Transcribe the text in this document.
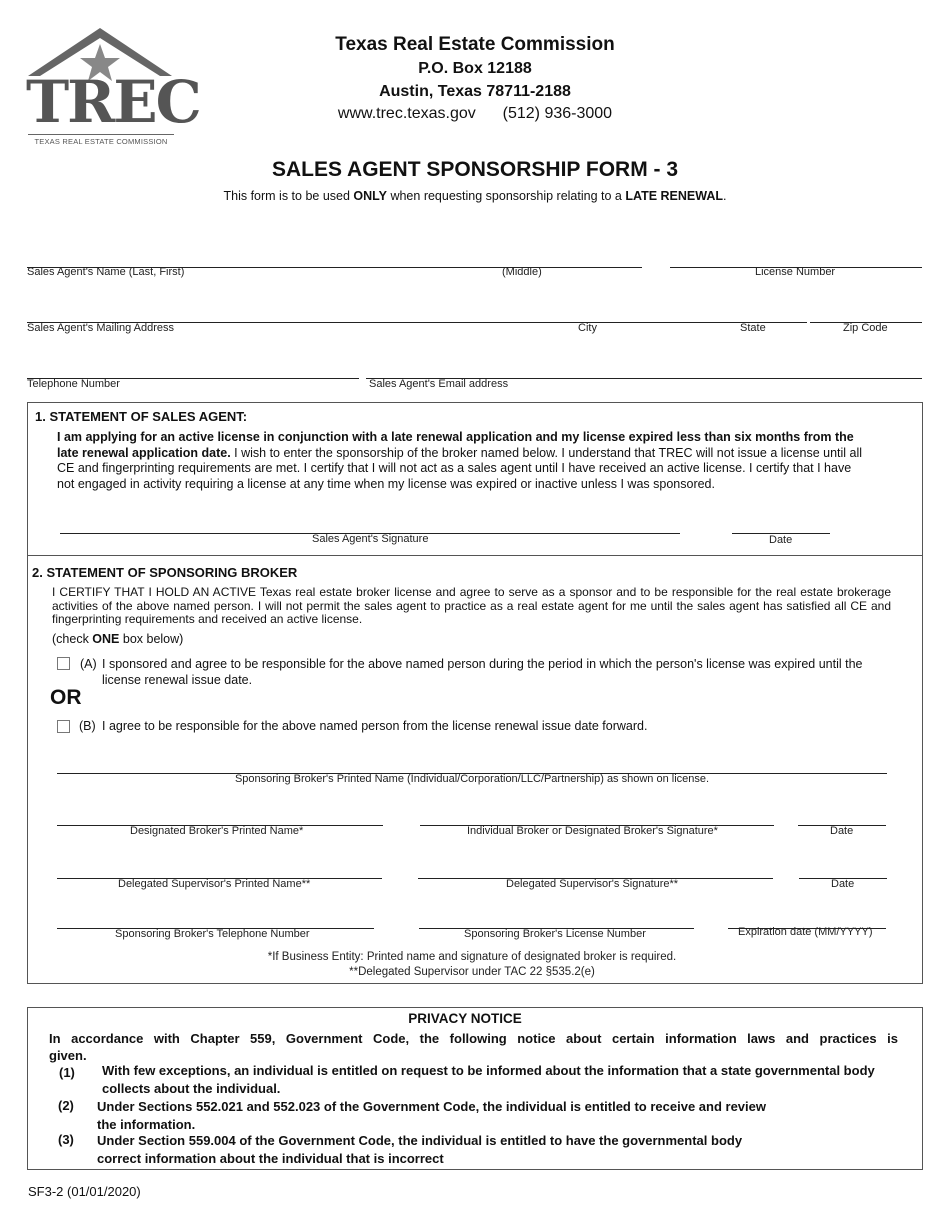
TREC
TEXAS REAL ESTATE COMMISSION
Texas Real Estate Commission
P.O. Box 12188
Austin, Texas 78711-2188
www.trec.texas.gov (512) 936-3000
SALES AGENT SPONSORSHIP FORM - 3
This form is to be used ONLY when requesting sponsorship relating to a LATE RENEWAL.
Sales Agent's Name (Last, First)	(Middle)	License Number
Sales Agent's Mailing Address	City	State	Zip Code
Telephone Number	Sales Agent's Email address
1. STATEMENT OF SALES AGENT:
I am applying for an active license in conjunction with a late renewal application and my license expired less than six months from the late renewal application date. I wish to enter the sponsorship of the broker named below. I understand that TREC will not issue a license until all CE and fingerprinting requirements are met. I certify that I will not act as a sales agent until I have received an active license. I certify that I have not engaged in activity requiring a license at any time when my license was expired or inactive unless I was sponsored.
Sales Agent's Signature	Date
2. STATEMENT OF SPONSORING BROKER
I CERTIFY THAT I HOLD AN ACTIVE Texas real estate broker license and agree to serve as a sponsor and to be responsible for the real estate brokerage activities of the above named person. I will not permit the sales agent to practice as a real estate agent for me until the sales agent has satisfied all CE and fingerprinting requirements and received an active license.
(check ONE box below)
(A) I sponsored and agree to be responsible for the above named person during the period in which the person's license was expired until the license renewal issue date.
OR
(B) I agree to be responsible for the above named person from the license renewal issue date forward.
Sponsoring Broker's Printed Name (Individual/Corporation/LLC/Partnership) as shown on license.
Designated Broker's Printed Name*	Individual Broker or Designated Broker's Signature*	Date
Delegated Supervisor's Printed Name**	Delegated Supervisor's Signature**	Date
Sponsoring Broker's Telephone Number	Sponsoring Broker's License Number	Expiration date (MM/YYYY)
*If Business Entity: Printed name and signature of designated broker is required.
**Delegated Supervisor under TAC 22 §535.2(e)
PRIVACY NOTICE
In accordance with Chapter 559, Government Code, the following notice about certain information laws and practices is given.
(1) With few exceptions, an individual is entitled on request to be informed about the information that a state governmental body collects about the individual.
(2) Under Sections 552.021 and 552.023 of the Government Code, the individual is entitled to receive and review the information.
(3) Under Section 559.004 of the Government Code, the individual is entitled to have the governmental body correct information about the individual that is incorrect
SF3-2 (01/01/2020)
